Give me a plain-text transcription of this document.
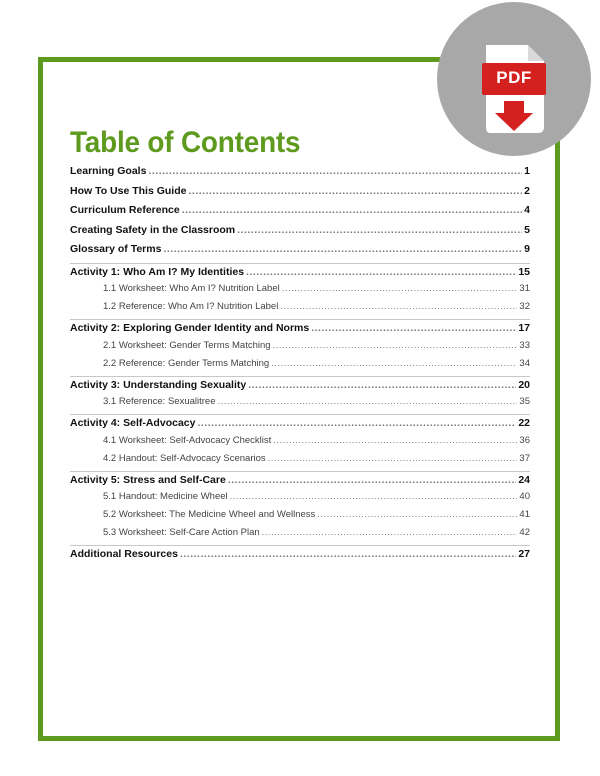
PDF
Table of Contents
Learning Goals .....	1
How To Use This Guide .....	2
Curriculum Reference .....	4
Creating Safety in the Classroom .....	5
Glossary of Terms .....	9
Activity 1: Who Am I? My Identities .....	15
1.1 Worksheet: Who Am I? Nutrition Label .....	31
1.2 Reference: Who Am I? Nutrition Label .....	32
Activity 2: Exploring Gender Identity and Norms .....	17
2.1 Worksheet: Gender Terms Matching .....	33
2.2 Reference: Gender Terms Matching .....	34
Activity 3: Understanding Sexuality .....	20
3.1 Reference: Sexualitree .....	35
Activity 4: Self-Advocacy .....	22
4.1 Worksheet: Self-Advocacy Checklist .....	36
4.2 Handout: Self-Advocacy Scenarios .....	37
Activity 5: Stress and Self-Care .....	24
5.1 Handout: Medicine Wheel .....	40
5.2 Worksheet: The Medicine Wheel and Wellness .....	41
5.3 Worksheet: Self-Care Action Plan .....	42
Additional Resources .....	27
